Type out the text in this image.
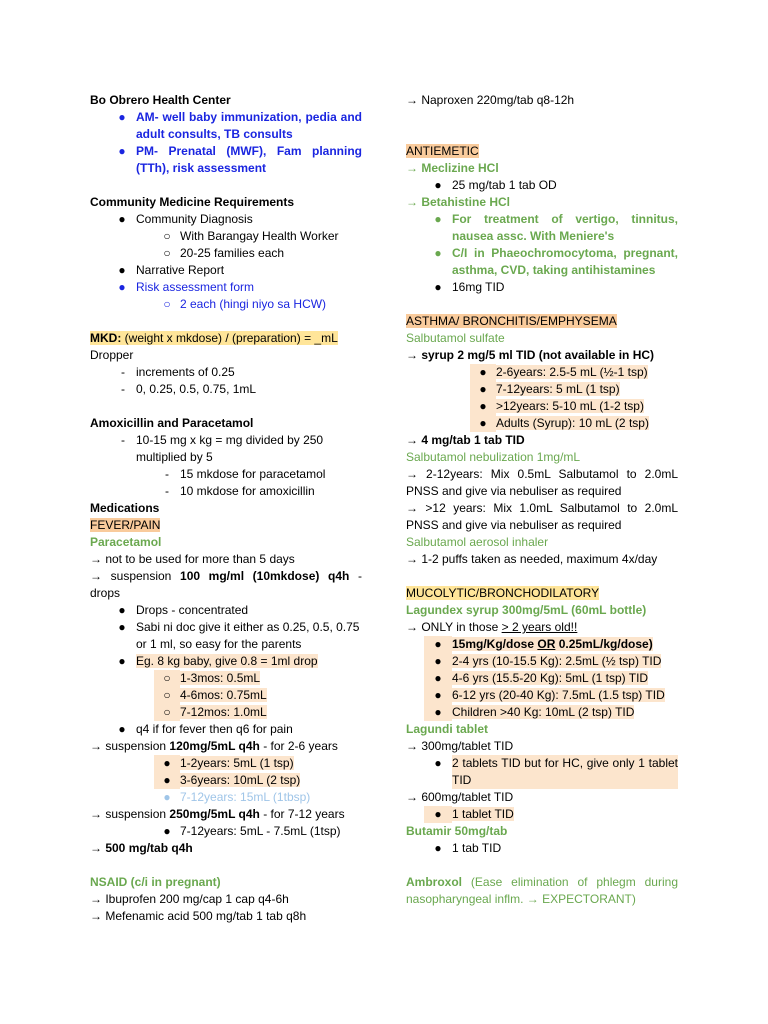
Bo Obrero Health Center
● AM- well baby immunization, pedia and adult consults, TB consults
● PM- Prenatal (MWF), Fam planning (TTh), risk assessment
Community Medicine Requirements
● Community Diagnosis
○ With Barangay Health Worker
○ 20-25 families each
● Narrative Report
● Risk assessment form
○ 2 each (hingi niyo sa HCW)
MKD: (weight x mkdose) / (preparation) = _mL
Dropper
- increments of 0.25
- 0, 0.25, 0.5, 0.75, 1mL
Amoxicillin and Paracetamol
- 10-15 mg x kg = mg divided by 250
multiplied by 5
- 15 mkdose for paracetamol
- 10 mkdose for amoxicillin
Medications
FEVER/PAIN
Paracetamol
→ not to be used for more than 5 days
→ suspension 100 mg/ml (10mkdose) q4h - drops
● Drops - concentrated
● Sabi ni doc give it either as 0.25, 0.5, 0.75 or 1 ml, so easy for the parents
● Eg. 8 kg baby, give 0.8 = 1ml drop
○ 1-3mos: 0.5mL
○ 4-6mos: 0.75mL
○ 7-12mos: 1.0mL
● q4 if for fever then q6 for pain
→ suspension 120mg/5mL q4h - for 2-6 years
● 1-2years: 5mL (1 tsp)
● 3-6years: 10mL (2 tsp)
● 7-12years: 15mL (1tbsp)
→ suspension 250mg/5mL q4h - for 7-12 years
● 7-12years: 5mL - 7.5mL (1tsp)
→ 500 mg/tab q4h
NSAID (c/i in pregnant)
→ Ibuprofen 200 mg/cap 1 cap q4-6h
→ Mefenamic acid 500 mg/tab 1 tab q8h
→ Naproxen 220mg/tab q8-12h
ANTIEMETIC
→ Meclizine HCl
● 25 mg/tab 1 tab OD
→ Betahistine HCl
● For treatment of vertigo, tinnitus, nausea assc. With Meniere's
● C/I in Phaeochromocytoma, pregnant, asthma, CVD, taking antihistamines
● 16mg TID
ASTHMA/ BRONCHITIS/EMPHYSEMA
Salbutamol sulfate
→ syrup 2 mg/5 ml TID (not available in HC)
● 2-6years: 2.5-5 mL (½-1 tsp)
● 7-12years: 5 mL (1 tsp)
● >12years: 5-10 mL (1-2 tsp)
● Adults (Syrup): 10 mL (2 tsp)
→ 4 mg/tab 1 tab TID
Salbutamol nebulization 1mg/mL
→ 2-12years: Mix 0.5mL Salbutamol to 2.0mL PNSS and give via nebuliser as required
→ >12 years: Mix 1.0mL Salbutamol to 2.0mL PNSS and give via nebuliser as required
Salbutamol aerosol inhaler
→ 1-2 puffs taken as needed, maximum 4x/day
MUCOLYTIC/BRONCHODILATORY
Lagundex syrup 300mg/5mL (60mL bottle)
→ ONLY in those > 2 years old!!
● 15mg/Kg/dose OR 0.25mL/kg/dose)
● 2-4 yrs (10-15.5 Kg): 2.5mL (½ tsp) TID
● 4-6 yrs (15.5-20 Kg): 5mL (1 tsp) TID
● 6-12 yrs (20-40 Kg): 7.5mL (1.5 tsp) TID
● Children >40 Kg: 10mL (2 tsp) TID
Lagundi tablet
→ 300mg/tablet TID
● 2 tablets TID but for HC, give only 1 tablet TID
→ 600mg/tablet TID
● 1 tablet TID
Butamir 50mg/tab
● 1 tab TID
Ambroxol (Ease elimination of phlegm during nasopharyngeal inflm. → EXPECTORANT)
